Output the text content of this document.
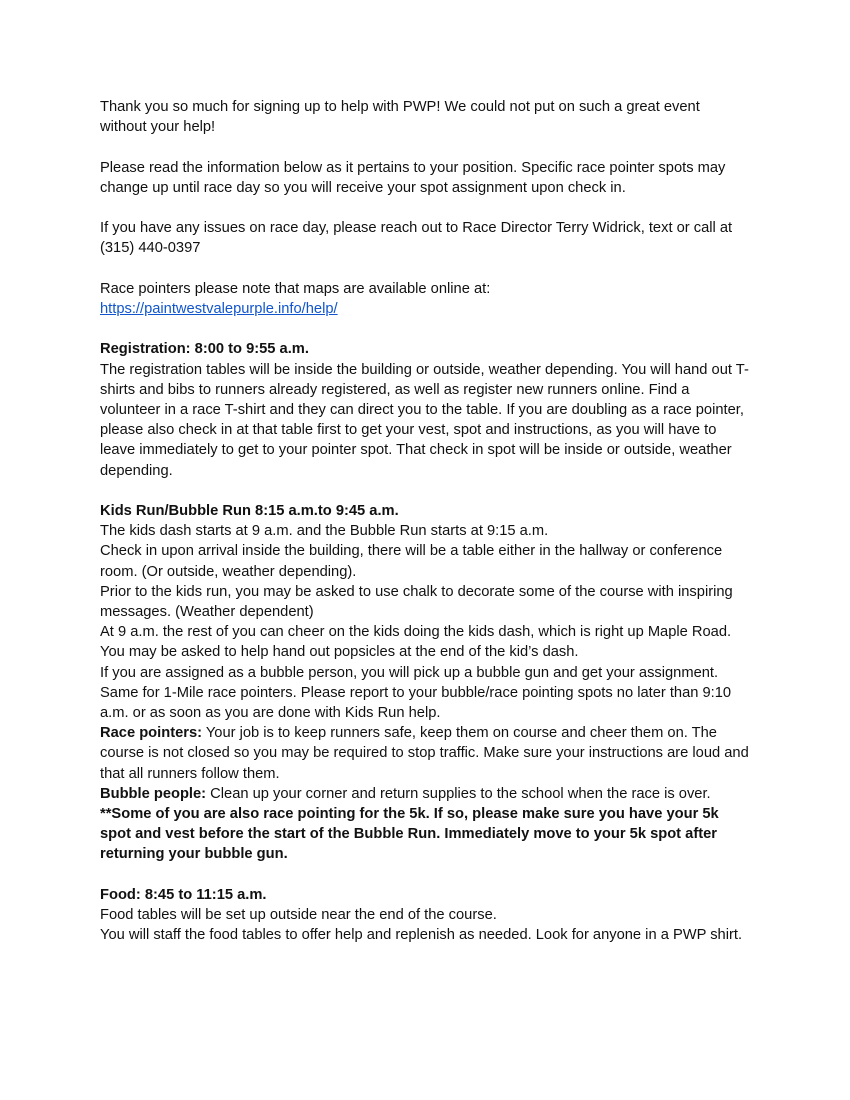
Thank you so much for signing up to help with PWP! We could not put on such a great event without your help!

Please read the information below as it pertains to your position. Specific race pointer spots may change up until race day so you will receive your spot assignment upon check in.

If you have any issues on race day, please reach out to Race Director Terry Widrick, text or call at (315) 440-0397

Race pointers please note that maps are available online at:

https://paintwestvalepurple.info/help/

Registration: 8:00 to 9:55 a.m.

The registration tables will be inside the building or outside, weather depending. You will hand out T-shirts and bibs to runners already registered, as well as register new runners online. Find a volunteer in a race T-shirt and they can direct you to the table. If you are doubling as a race pointer, please also check in at that table first to get your vest, spot and instructions, as you will have to leave immediately to get to your pointer spot. That check in spot will be inside or outside, weather depending.

Kids Run/Bubble Run 8:15 a.m.to 9:45 a.m.

The kids dash starts at 9 a.m. and the Bubble Run starts at 9:15 a.m.

Check in upon arrival inside the building, there will be a table either in the hallway or conference room. (Or outside, weather depending).

Prior to the kids run, you may be asked to use chalk to decorate some of the course with inspiring messages. (Weather dependent)

At 9 a.m. the rest of you can cheer on the kids doing the kids dash, which is right up Maple Road. You may be asked to help hand out popsicles at the end of the kid’s dash.

If you are assigned as a bubble person, you will pick up a bubble gun and get your assignment. Same for 1-Mile race pointers. Please report to your bubble/race pointing spots no later than 9:10 a.m. or as soon as you are done with Kids Run help.

Race pointers: Your job is to keep runners safe, keep them on course and cheer them on. The course is not closed so you may be required to stop traffic. Make sure your instructions are loud and that all runners follow them.

Bubble people: Clean up your corner and return supplies to the school when the race is over.

**Some of you are also race pointing for the 5k. If so, please make sure you have your 5k spot and vest before the start of the Bubble Run. Immediately move to your 5k spot after returning your bubble gun.

Food: 8:45 to 11:15 a.m.

Food tables will be set up outside near the end of the course.

You will staff the food tables to offer help and replenish as needed. Look for anyone in a PWP shirt.
